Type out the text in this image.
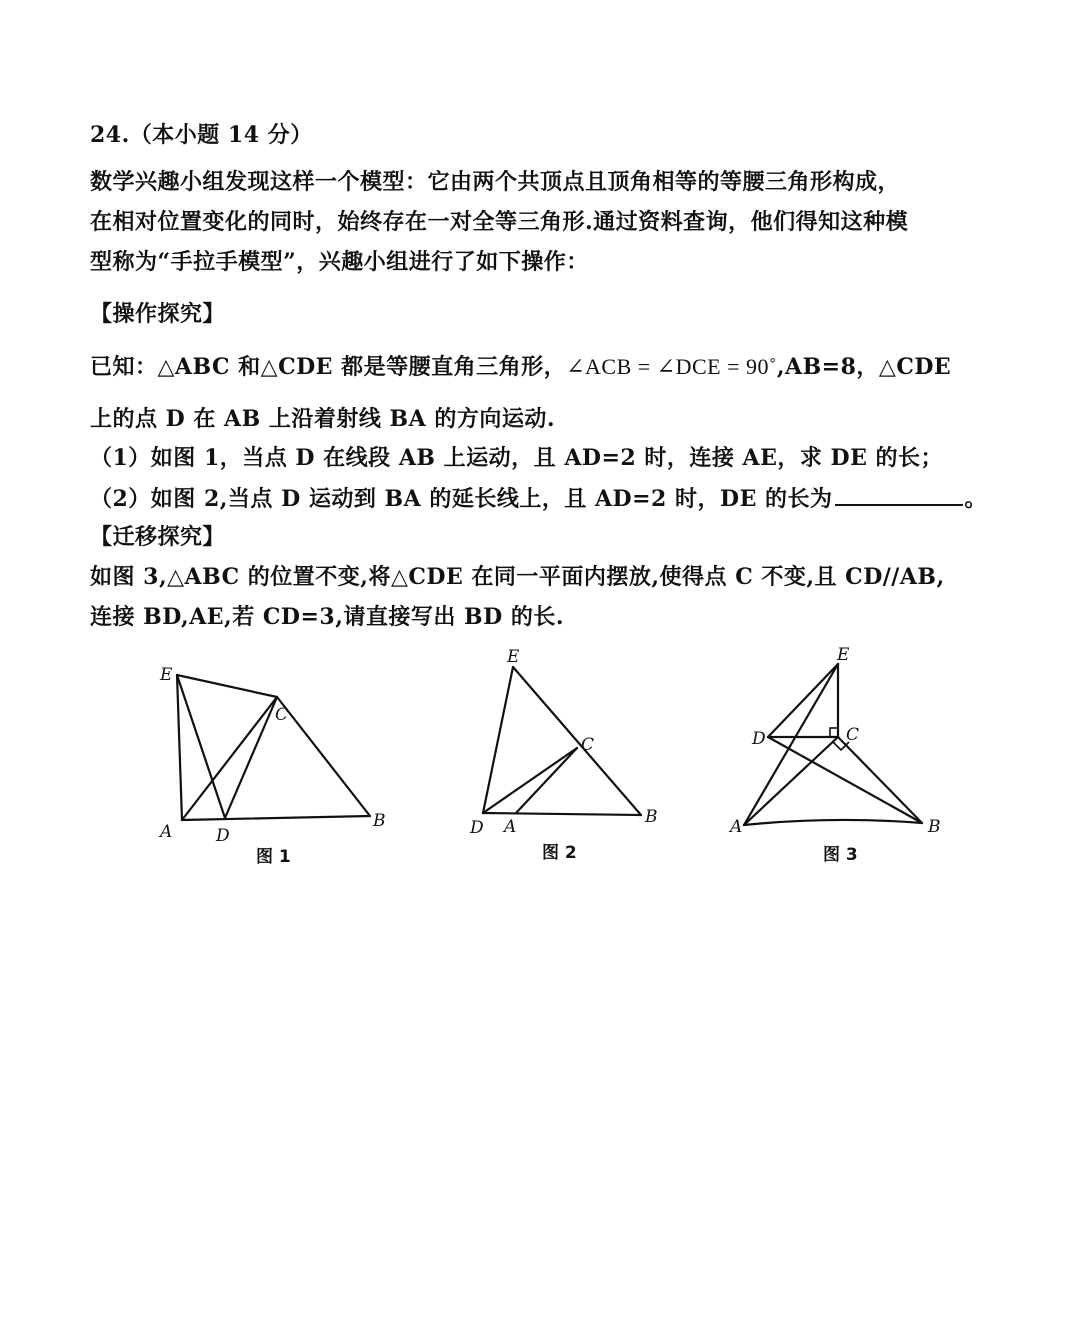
24.（本小题 14 分）
数学兴趣小组发现这样一个模型：它由两个共顶点且顶角相等的等腰三角形构成，
在相对位置变化的同时，始终存在一对全等三角形.通过资料查询，他们得知这种模
型称为“手拉手模型”，兴趣小组进行了如下操作：
【操作探究】
已知：△ABC 和△CDE 都是等腰直角三角形，∠ACB = ∠DCE = 90˚,AB=8，△CDE
上的点 D 在 AB 上沿着射线 BA 的方向运动.
（1）如图 1，当点 D 在线段 AB 上运动，且 AD=2 时，连接 AE，求 DE 的长；
（2）如图 2,当点 D 运动到 BA 的延长线上，且 AD=2 时，DE 的长为	。
【迁移探究】
如图 3,△ABC 的位置不变,将△CDE 在同一平面内摆放,使得点 C 不变,且 CD//AB,
连接 BD,AE,若 CD=3,请直接写出 BD 的长.
E
C
A	D
B
图 1
E
C
D A	B
图 2
E
D	C
A	B
图 3
